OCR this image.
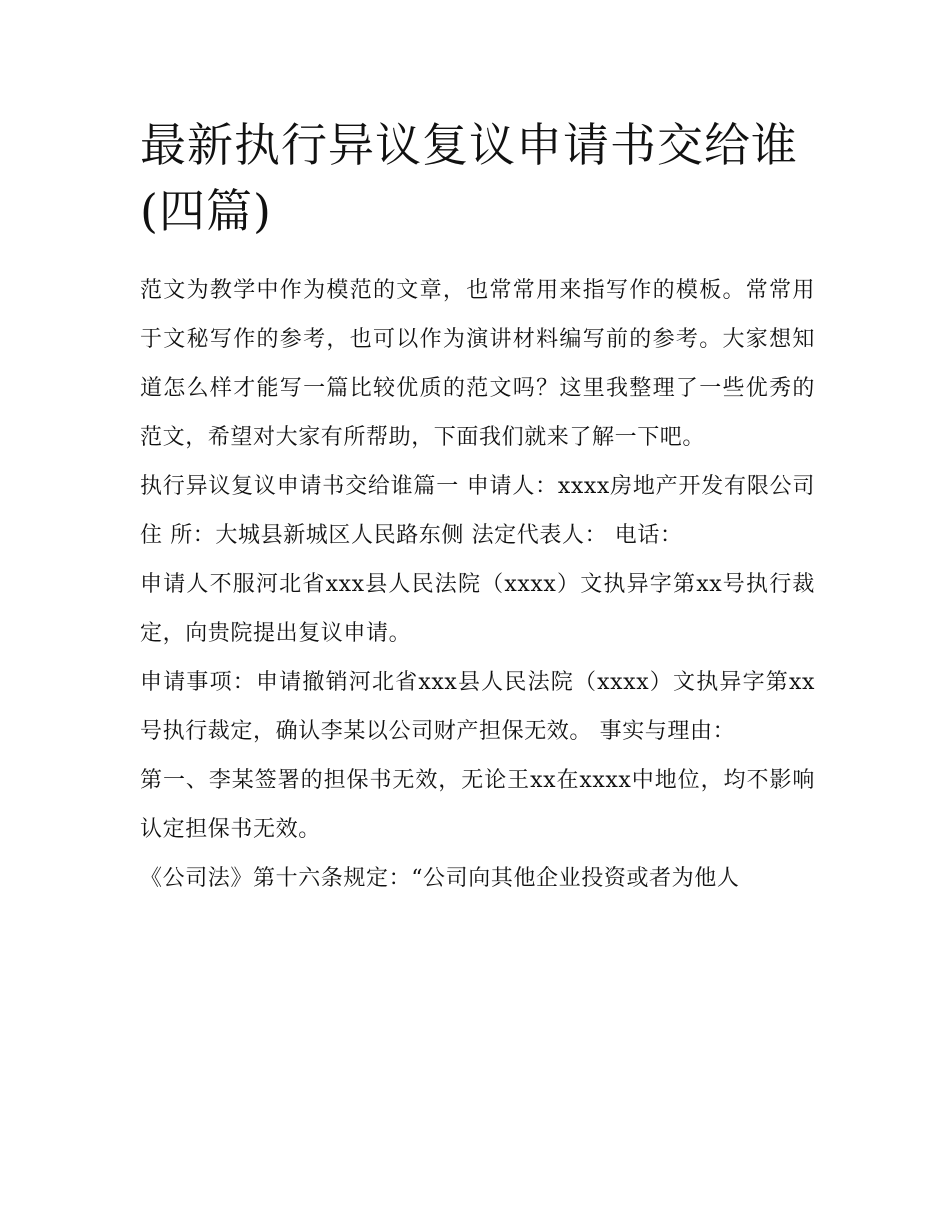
最新执行异议复议申请书交给谁(四篇)

范文为教学中作为模范的文章，也常常用来指写作的模板。常常用于文秘写作的参考，也可以作为演讲材料编写前的参考。大家想知道怎么样才能写一篇比较优质的范文吗？这里我整理了一些优秀的范文，希望对大家有所帮助，下面我们就来了解一下吧。

执行异议复议申请书交给谁篇一 申请人：xxxx房地产开发有限公司 住 所：大城县新城区人民路东侧 法定代表人： 电话：

申请人不服河北省xxx县人民法院（xxxx）文执异字第xx号执行裁定，向贵院提出复议申请。

申请事项：申请撤销河北省xxx县人民法院（xxxx）文执异字第xx号执行裁定，确认李某以公司财产担保无效。 事实与理由：

第一、李某签署的担保书无效，无论王xx在xxxx中地位，均不影响认定担保书无效。

《公司法》第十六条规定：“公司向其他企业投资或者为他人
